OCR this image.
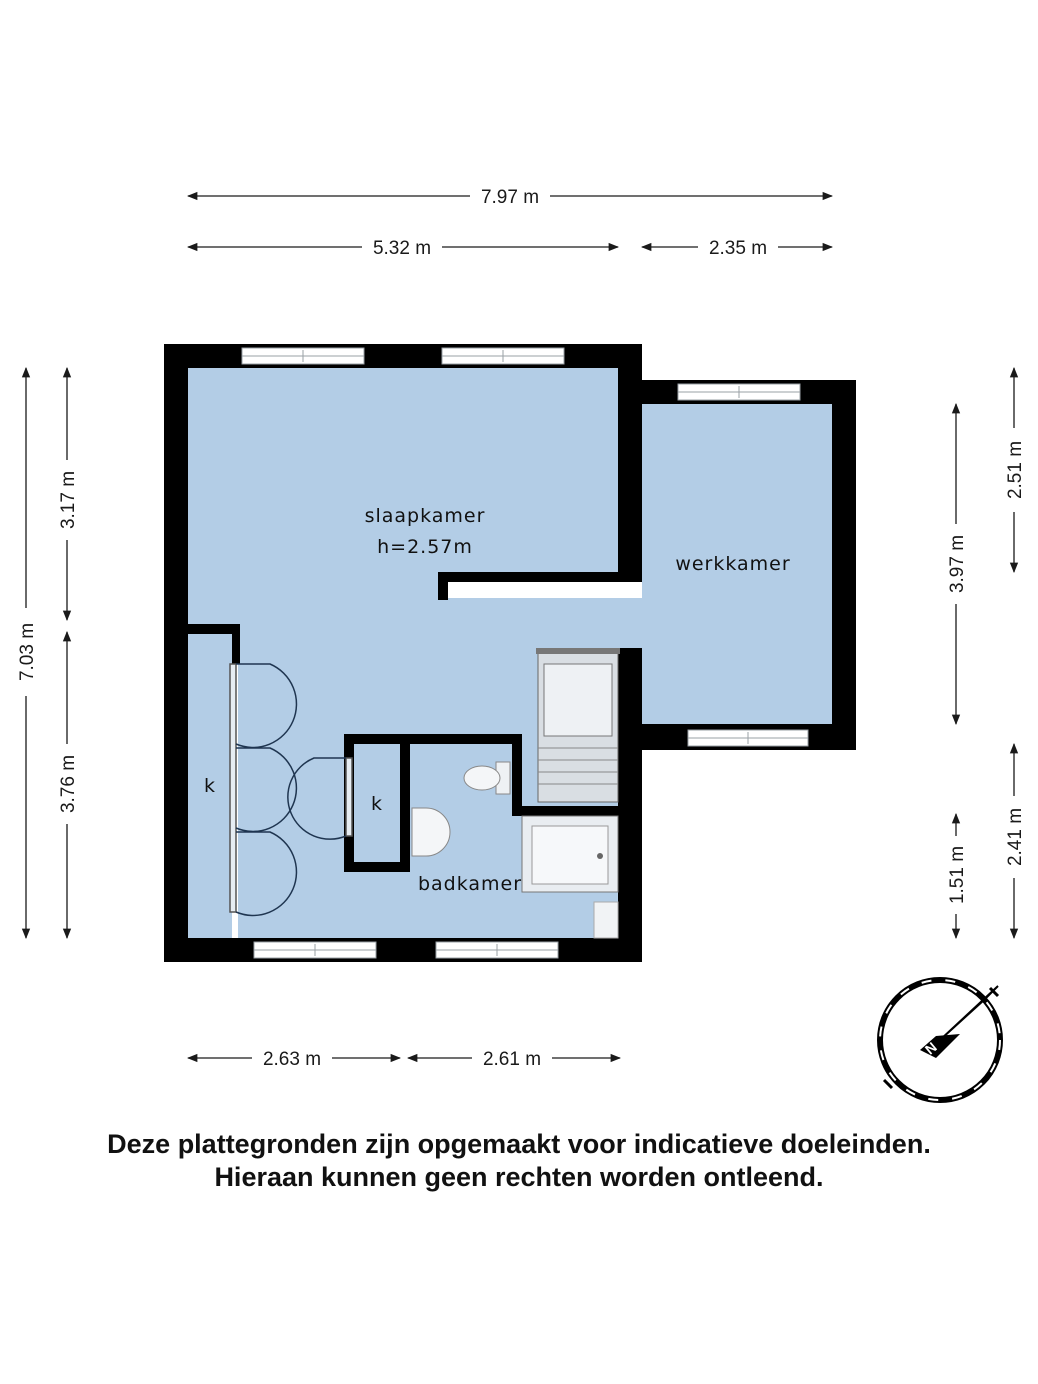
7.97 m
5.32 m	2.35 m
2.63 m	2.61 m
7.03 m
3.17 m
3.76 m
3.97 m
1.51 m
2.51 m
2.41 m
slaapkamer
h=2.57m
werkkamer
badkamer
k
k
N
Deze plattegronden zijn opgemaakt voor indicatieve doeleinden.
Hieraan kunnen geen rechten worden ontleend.
